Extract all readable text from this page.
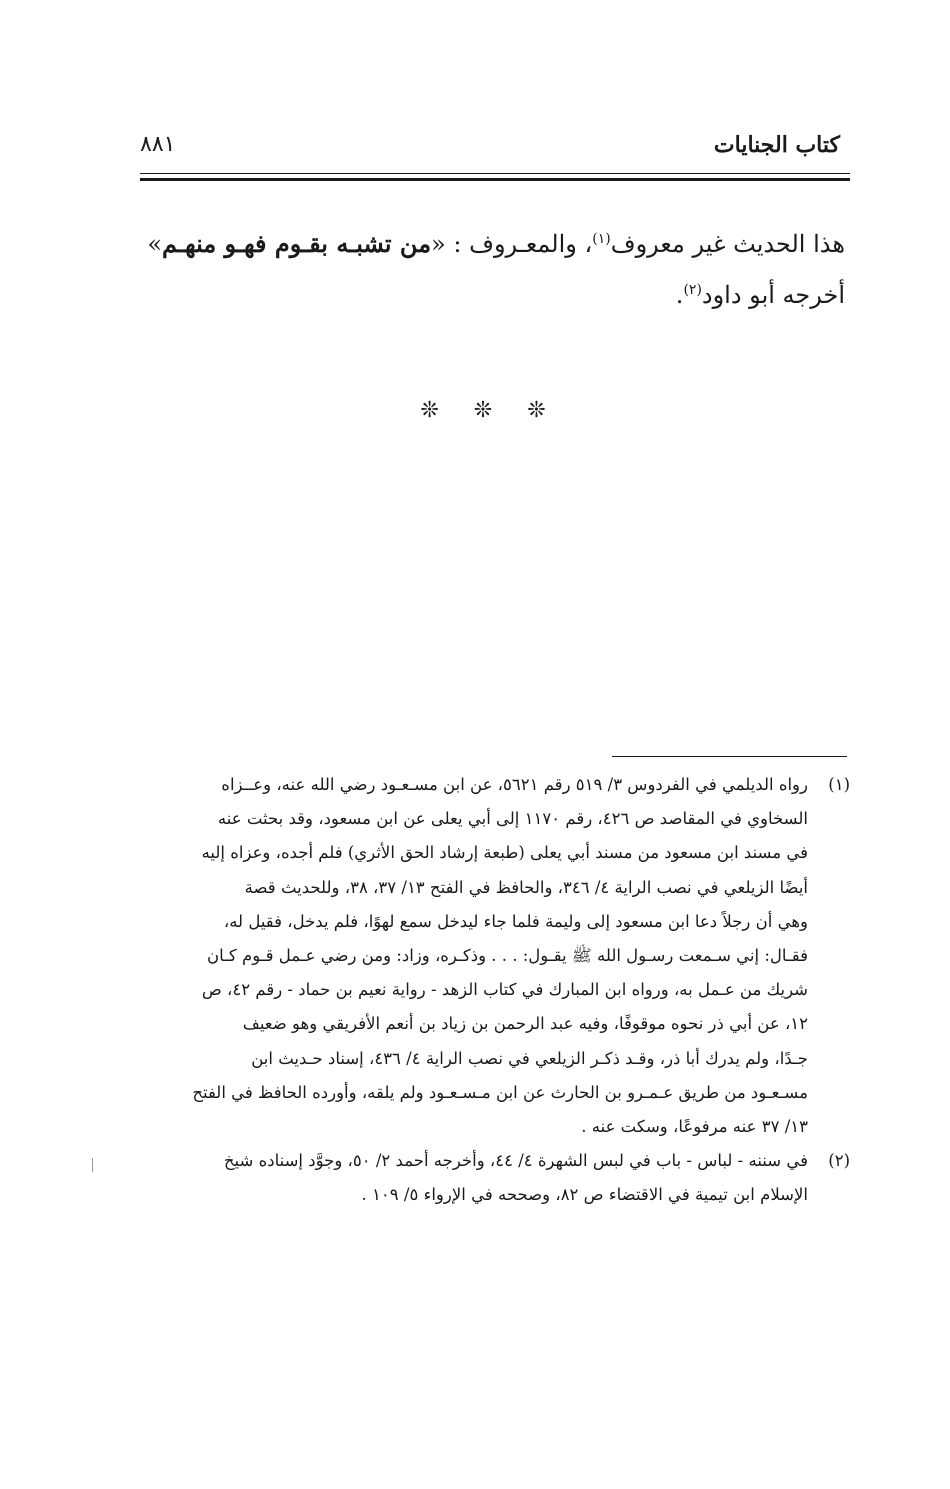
كتاب الجنايات
٨٨١
هذا الحديث غير معروف$^{(١)}$، والمعـروف : «من تشبـه بقـوم فهـو منهـم»
أخرجه أبو داود$^{(٢)}$.
❊ ❊ ❊
(١)
رواه الديلمي في الفردوس ٣/ ٥١٩ رقم ٥٦٢١، عن ابن مسـعـود رضي الله عنه، وعــزاه
السخاوي في المقاصد ص ٤٢٦، رقم ١١٧٠ إلى أبي يعلى عن ابن مسعود، وقد بحثت عنه
في مسند ابن مسعود من مسند أبي يعلى (طبعة إرشاد الحق الأثري) فلم أجده، وعزاه إليه
أيضًا الزيلعي في نصب الراية ٤/ ٣٤٦، والحافظ في الفتح ١٣/ ٣٧، ٣٨، وللحديث قصة
وهي أن رجلاً دعا ابن مسعود إلى وليمة فلما جاء ليدخل سمع لهوًا، فلم يدخل، فقيل له،
فقـال: إني سـمعت رسـول الله ﷺ يقـول: . . . وذكـره، وزاد: ومن رضي عـمل قـوم كـان
شريك من عـمل به، ورواه ابن المبارك في كتاب الزهد - رواية نعيم بن حماد - رقم ٤٢، ص
١٢، عن أبي ذر نحوه موقوفًا، وفيه عبد الرحمن بن زياد بن أنعم الأفريقي وهو ضعيف
جـدًا، ولم يدرك أبا ذر، وقـد ذكـر الزيلعي في نصب الراية ٤/ ٤٣٦، إسناد حـديث ابن
مسـعـود من طريق عـمـرو بن الحارث عن ابن مـسـعـود ولم يلقه، وأورده الحافظ في الفتح
١٣/ ٣٧ عنه مرفوعًا، وسكت عنه .
(٢)
في سننه - لباس - باب في لبس الشهرة ٤/ ٤٤، وأخرجه أحمد ٢/ ٥٠، وجوَّد إسناده شيخ
الإسلام ابن تيمية في الاقتضاء ص ٨٢، وصححه في الإرواء ٥/ ١٠٩ .
